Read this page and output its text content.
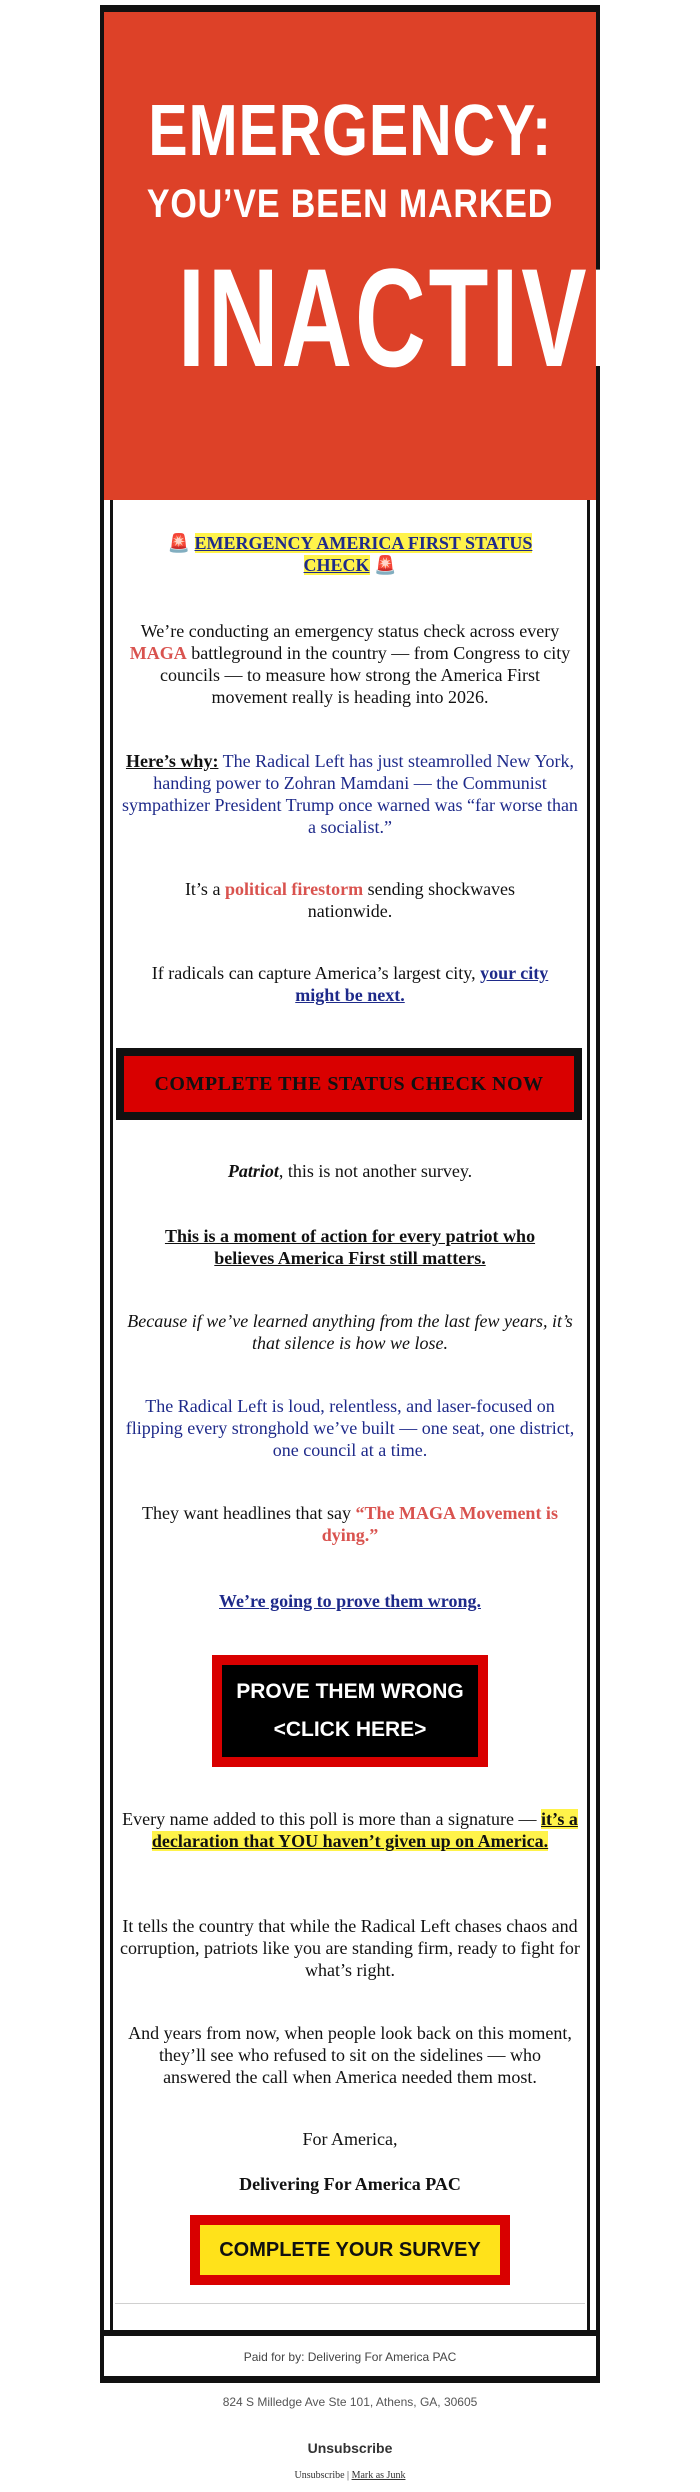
EMERGENCY:
YOU’VE BEEN MARKED
INACTIVE
🚨 EMERGENCY AMERICA FIRST STATUS CHECK 🚨
We’re conducting an emergency status check across every MAGA battleground in the country — from Congress to city councils — to measure how strong the America First movement really is heading into 2026.
Here’s why: The Radical Left has just steamrolled New York, handing power to Zohran Mamdani — the Communist sympathizer President Trump once warned was “far worse than a socialist.”
It’s a political firestorm sending shockwaves nationwide.
If radicals can capture America’s largest city, your city might be next.
Patriot, this is not another survey.
This is a moment of action for every patriot who believes America First still matters.
Because if we’ve learned anything from the last few years, it’s that silence is how we lose.
The Radical Left is loud, relentless, and laser-focused on flipping every stronghold we’ve built — one seat, one district, one council at a time.
They want headlines that say “The MAGA Movement is dying.”
We’re going to prove them wrong.
Every name added to this poll is more than a signature — it’s a declaration that YOU haven’t given up on America.
It tells the country that while the Radical Left chases chaos and corruption, patriots like you are standing firm, ready to fight for what’s right.
And years from now, when people look back on this moment, they’ll see who refused to sit on the sidelines — who answered the call when America needed them most.
For America,
Delivering For America PAC
COMPLETE THE STATUS CHECK NOW
PROVE THEM WRONG
<CLICK HERE>
COMPLETE YOUR SURVEY
Paid for by: Delivering For America PAC
824 S Milledge Ave Ste 101, Athens, GA, 30605
Unsubscribe
Unsubscribe | Mark as Junk
